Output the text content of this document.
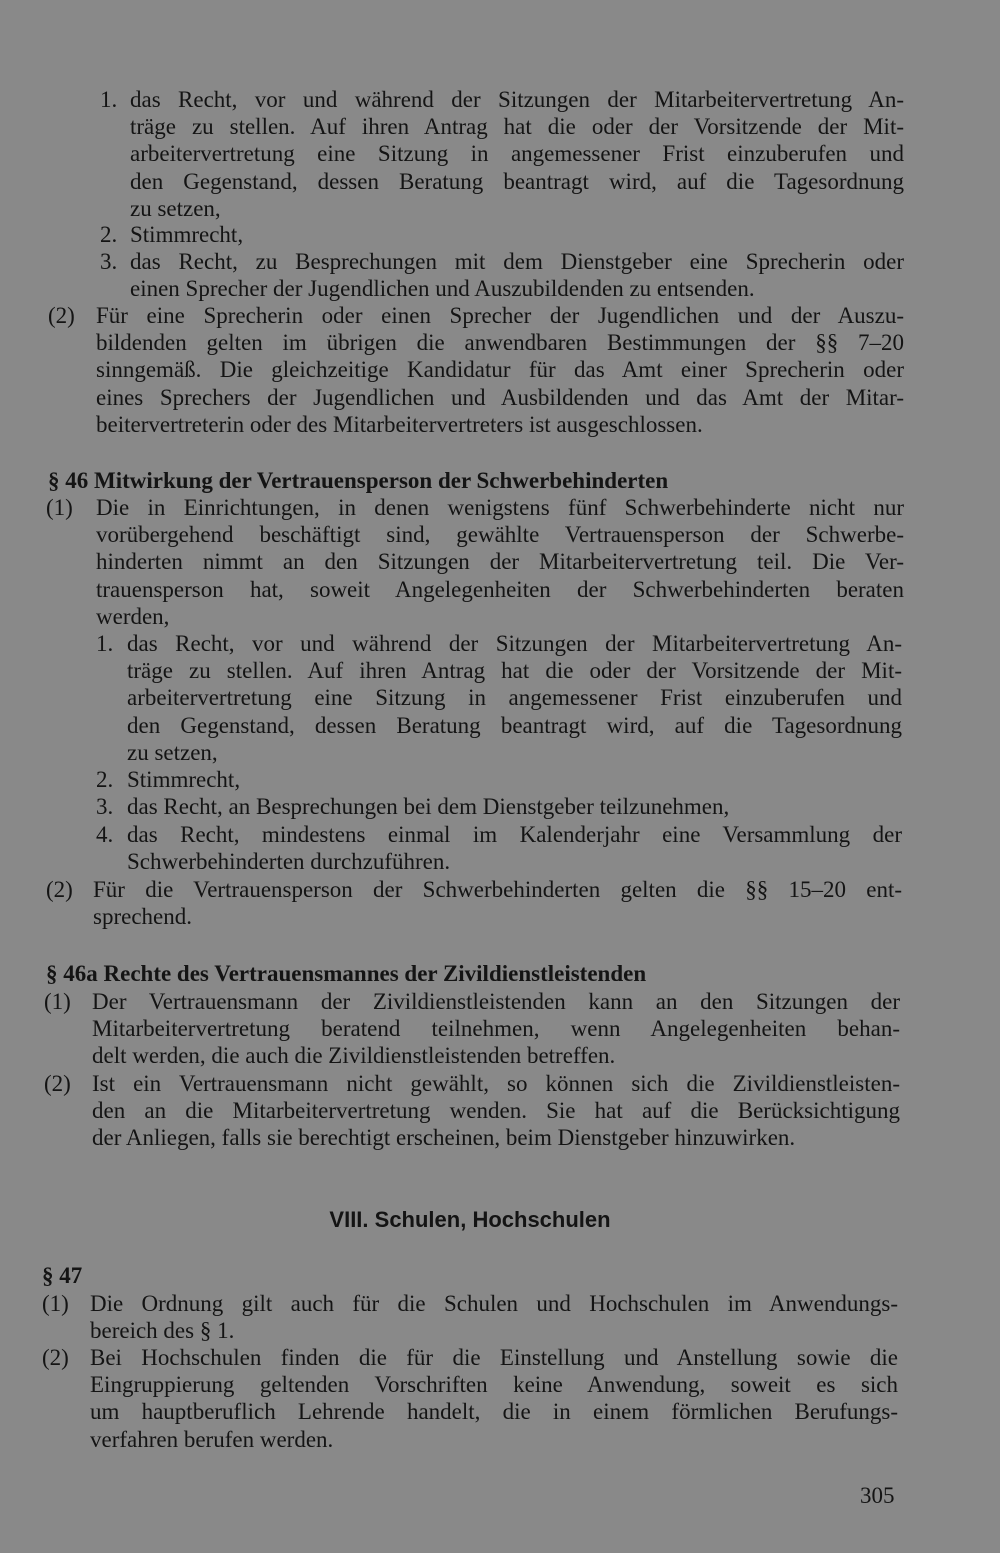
1. das Recht, vor und während der Sitzungen der Mitarbeitervertretung An-
träge zu stellen. Auf ihren Antrag hat die oder der Vorsitzende der Mit-
arbeitervertretung eine Sitzung in angemessener Frist einzuberufen und
den Gegenstand, dessen Beratung beantragt wird, auf die Tagesordnung
zu setzen,
2. Stimmrecht,
3. das Recht, zu Besprechungen mit dem Dienstgeber eine Sprecherin oder
einen Sprecher der Jugendlichen und Auszubildenden zu entsenden.
(2) Für eine Sprecherin oder einen Sprecher der Jugendlichen und der Auszu-
bildenden gelten im übrigen die anwendbaren Bestimmungen der §§ 7–20
sinngemäß. Die gleichzeitige Kandidatur für das Amt einer Sprecherin oder
eines Sprechers der Jugendlichen und Ausbildenden und das Amt der Mitar-
beitervertreterin oder des Mitarbeitervertreters ist ausgeschlossen.
§ 46 Mitwirkung der Vertrauensperson der Schwerbehinderten
(1) Die in Einrichtungen, in denen wenigstens fünf Schwerbehinderte nicht nur
vorübergehend beschäftigt sind, gewählte Vertrauensperson der Schwerbe-
hinderten nimmt an den Sitzungen der Mitarbeitervertretung teil. Die Ver-
trauensperson hat, soweit Angelegenheiten der Schwerbehinderten beraten
werden,
1. das Recht, vor und während der Sitzungen der Mitarbeitervertretung An-
träge zu stellen. Auf ihren Antrag hat die oder der Vorsitzende der Mit-
arbeitervertretung eine Sitzung in angemessener Frist einzuberufen und
den Gegenstand, dessen Beratung beantragt wird, auf die Tagesordnung
zu setzen,
2. Stimmrecht,
3. das Recht, an Besprechungen bei dem Dienstgeber teilzunehmen,
4. das Recht, mindestens einmal im Kalenderjahr eine Versammlung der
Schwerbehinderten durchzuführen.
(2) Für die Vertrauensperson der Schwerbehinderten gelten die §§ 15–20 ent-
sprechend.
§ 46a Rechte des Vertrauensmannes der Zivildienstleistenden
(1) Der Vertrauensmann der Zivildienstleistenden kann an den Sitzungen der
Mitarbeitervertretung beratend teilnehmen, wenn Angelegenheiten behan-
delt werden, die auch die Zivildienstleistenden betreffen.
(2) Ist ein Vertrauensmann nicht gewählt, so können sich die Zivildienstleisten-
den an die Mitarbeitervertretung wenden. Sie hat auf die Berücksichtigung
der Anliegen, falls sie berechtigt erscheinen, beim Dienstgeber hinzuwirken.
VIII. Schulen, Hochschulen
§ 47
(1) Die Ordnung gilt auch für die Schulen und Hochschulen im Anwendungs-
bereich des § 1.
(2) Bei Hochschulen finden die für die Einstellung und Anstellung sowie die
Eingruppierung geltenden Vorschriften keine Anwendung, soweit es sich
um hauptberuflich Lehrende handelt, die in einem förmlichen Berufungs-
verfahren berufen werden.
305
